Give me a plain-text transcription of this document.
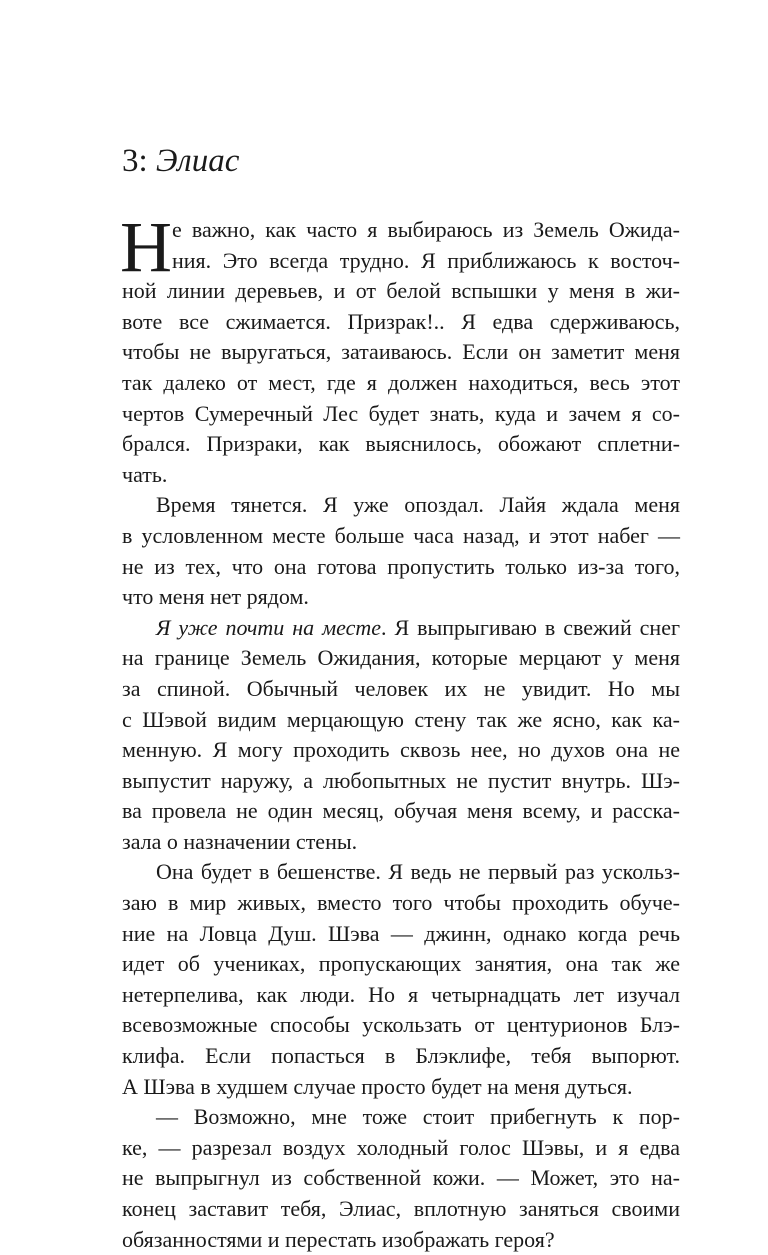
3: Элиас
Н е важно, как часто я выбираюсь из Земель Ожида-
ния. Это всегда трудно. Я приближаюсь к восточ-
ной линии деревьев, и от белой вспышки у меня в жи-
воте все сжимается. Призрак!.. Я едва сдерживаюсь,
чтобы не выругаться, затаиваюсь. Если он заметит меня
так далеко от мест, где я должен находиться, весь этот
чертов Сумеречный Лес будет знать, куда и зачем я со-
брался. Призраки, как выяснилось, обожают сплетни-
чать.
Время тянется. Я уже опоздал. Лайя ждала меня
в условленном месте больше часа назад, и этот набег —
не из тех, что она готова пропустить только из-за того,
что меня нет рядом.
Я уже почти на месте. Я выпрыгиваю в свежий снег
на границе Земель Ожидания, которые мерцают у меня
за спиной. Обычный человек их не увидит. Но мы
с Шэвой видим мерцающую стену так же ясно, как ка-
менную. Я могу проходить сквозь нее, но духов она не
выпустит наружу, а любопытных не пустит внутрь. Шэ-
ва провела не один месяц, обучая меня всему, и расска-
зала о назначении стены.
Она будет в бешенстве. Я ведь не первый раз ускольз-
заю в мир живых, вместо того чтобы проходить обуче-
ние на Ловца Душ. Шэва — джинн, однако когда речь
идет об учениках, пропускающих занятия, она так же
нетерпелива, как люди. Но я четырнадцать лет изучал
всевозможные способы ускользать от центурионов Блэ-
клифа. Если попасться в Блэклифе, тебя выпорют.
А Шэва в худшем случае просто будет на меня дуться.
— Возможно, мне тоже стоит прибегнуть к пор-
ке, — разрезал воздух холодный голос Шэвы, и я едва
не выпрыгнул из собственной кожи. — Может, это на-
конец заставит тебя, Элиас, вплотную заняться своими
обязанностями и перестать изображать героя?
